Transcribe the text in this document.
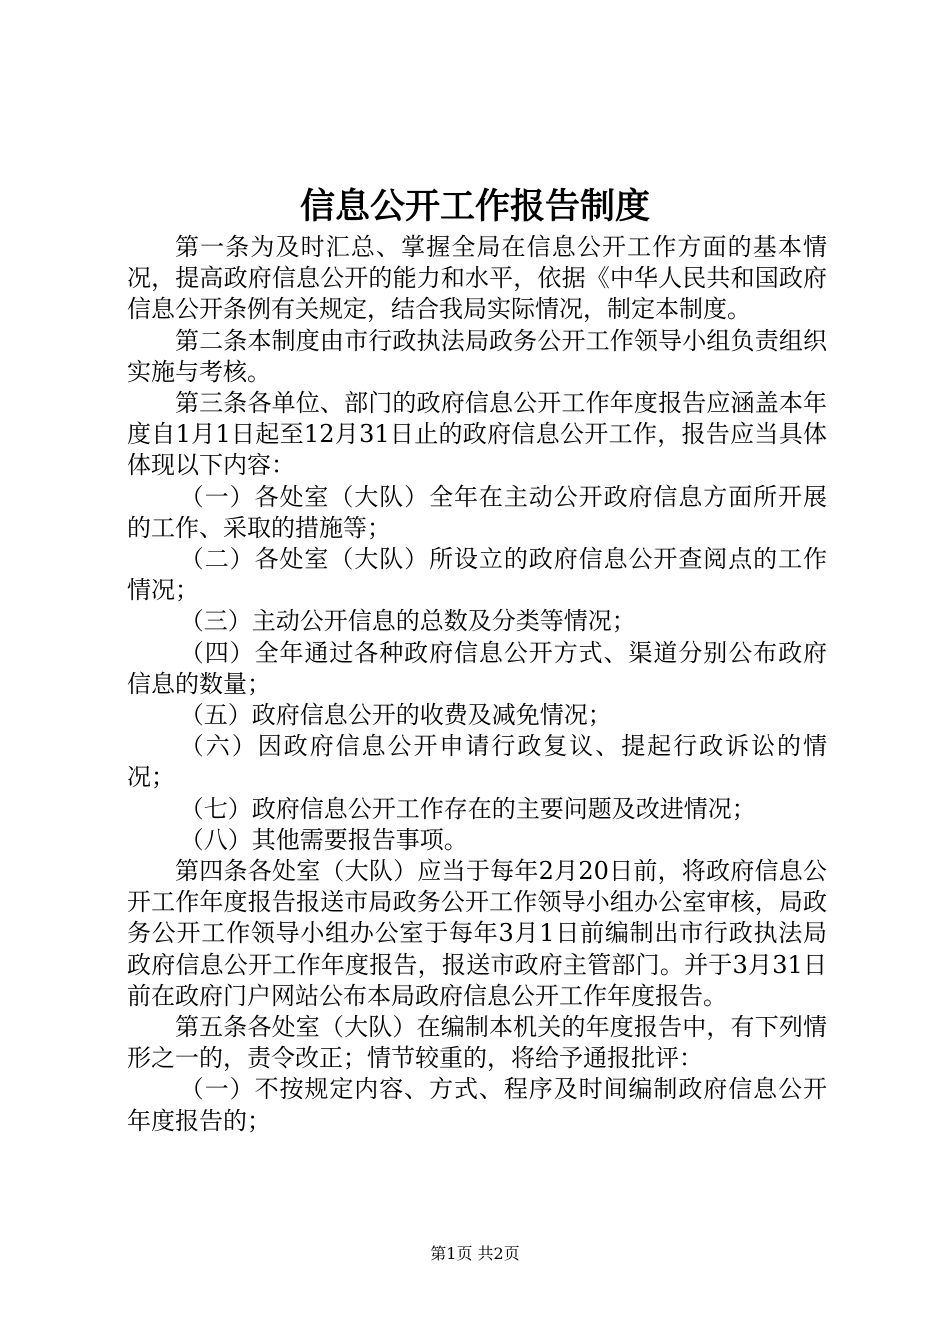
信息公开工作报告制度

第一条为及时汇总、掌握全局在信息公开工作方面的基本情况，提高政府信息公开的能力和水平，依据《中华人民共和国政府信息公开条例有关规定，结合我局实际情况，制定本制度。

第二条本制度由市行政执法局政务公开工作领导小组负责组织实施与考核。

第三条各单位、部门的政府信息公开工作年度报告应涵盖本年度自1月1日起至12月31日止的政府信息公开工作，报告应当具体体现以下内容：

（一）各处室（大队）全年在主动公开政府信息方面所开展的工作、采取的措施等；

（二）各处室（大队）所设立的政府信息公开查阅点的工作情况；

（三）主动公开信息的总数及分类等情况；

（四）全年通过各种政府信息公开方式、渠道分别公布政府信息的数量；

（五）政府信息公开的收费及减免情况；

（六）因政府信息公开申请行政复议、提起行政诉讼的情况；

（七）政府信息公开工作存在的主要问题及改进情况；

（八）其他需要报告事项。

第四条各处室（大队）应当于每年2月20日前，将政府信息公开工作年度报告报送市局政务公开工作领导小组办公室审核，局政务公开工作领导小组办公室于每年3月1日前编制出市行政执法局政府信息公开工作年度报告，报送市政府主管部门。并于3月31日前在政府门户网站公布本局政府信息公开工作年度报告。

第五条各处室（大队）在编制本机关的年度报告中，有下列情形之一的，责令改正；情节较重的，将给予通报批评：

（一）不按规定内容、方式、程序及时间编制政府信息公开年度报告的；

第1页 共2页
